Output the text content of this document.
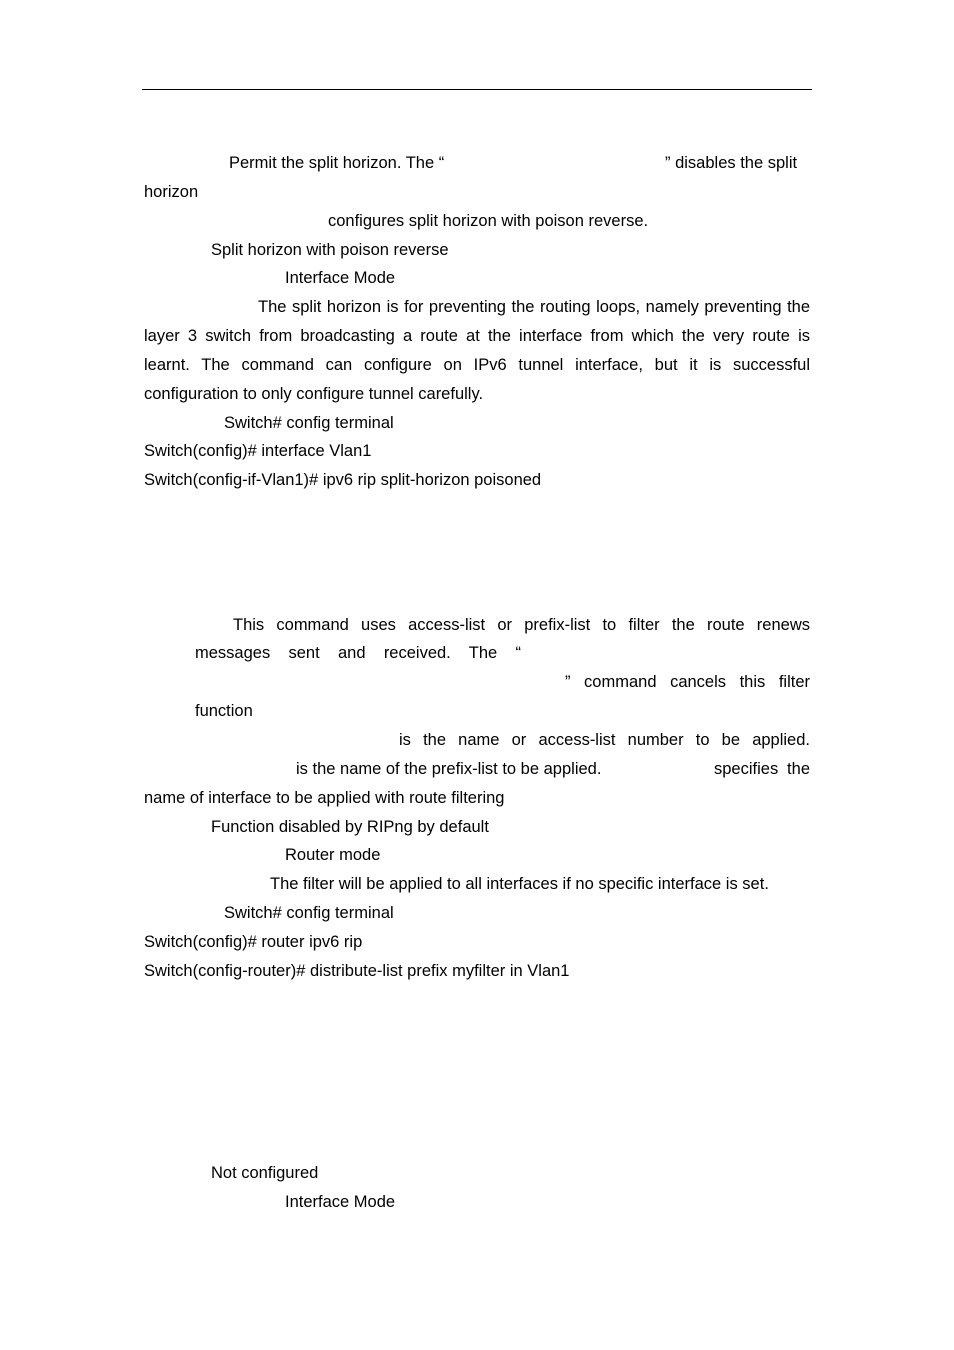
Permit the split horizon. The “	” disables the split
horizon
configures split horizon with poison reverse.
Split horizon with poison reverse
Interface Mode
The split horizon is for preventing the routing loops, namely preventing the
layer 3 switch from broadcasting a route at the interface from which the very route is
learnt. The command can configure on IPv6 tunnel interface, but it is successful
configuration to only configure tunnel carefully.
Switch# config terminal
Switch(config)# interface Vlan1
Switch(config-if-Vlan1)# ipv6 rip split-horizon poisoned
This command uses access-list or prefix-list to filter the route renews
messages sent and received. The “
” command cancels this filter
function
is the name or access-list number to be applied.
is the name of the prefix-list to be applied.	specifies the
name of interface to be applied with route filtering
Function disabled by RIPng by default
Router mode
The filter will be applied to all interfaces if no specific interface is set.
Switch# config terminal
Switch(config)# router ipv6 rip
Switch(config-router)# distribute-list prefix myfilter in Vlan1
Not configured
Interface Mode
